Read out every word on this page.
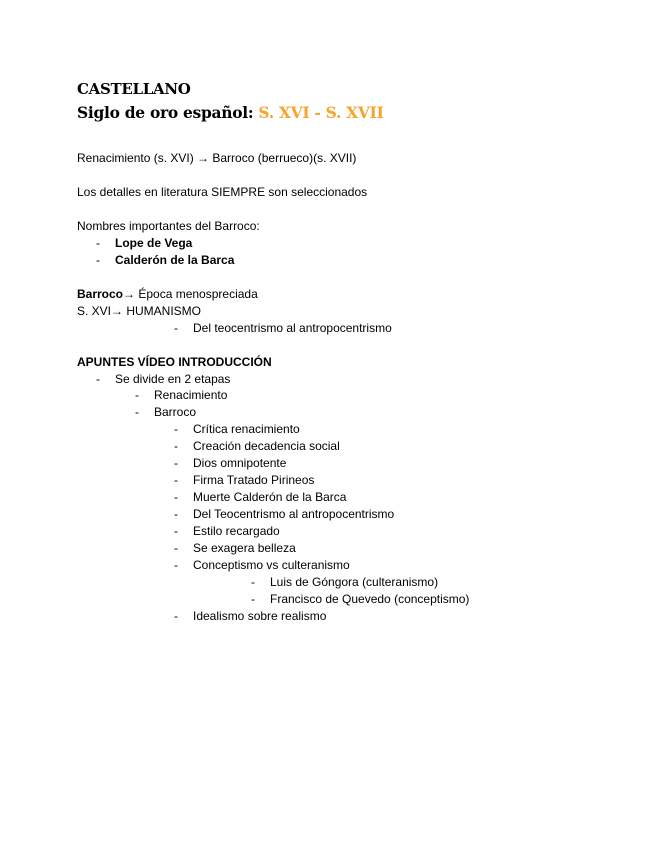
CASTELLANO
Siglo de oro español: S. XVI - S. XVII
Renacimiento (s. XVI) → Barroco (berrueco)(s. XVII)
Los detalles en literatura SIEMPRE son seleccionados
Nombres importantes del Barroco:
- Lope de Vega
- Calderón de la Barca
Barroco→ Época menospreciada
S. XVI→ HUMANISMO
- Del teocentrismo al antropocentrismo
APUNTES VÍDEO INTRODUCCIÓN
- Se divide en 2 etapas
- Renacimiento
- Barroco
- Crítica renacimiento
- Creación decadencia social
- Dios omnipotente
- Firma Tratado Pirineos
- Muerte Calderón de la Barca
- Del Teocentrismo al antropocentrismo
- Estilo recargado
- Se exagera belleza
- Conceptismo vs culteranismo
- Luis de Góngora (culteranismo)
- Francisco de Quevedo (conceptismo)
- Idealismo sobre realismo
